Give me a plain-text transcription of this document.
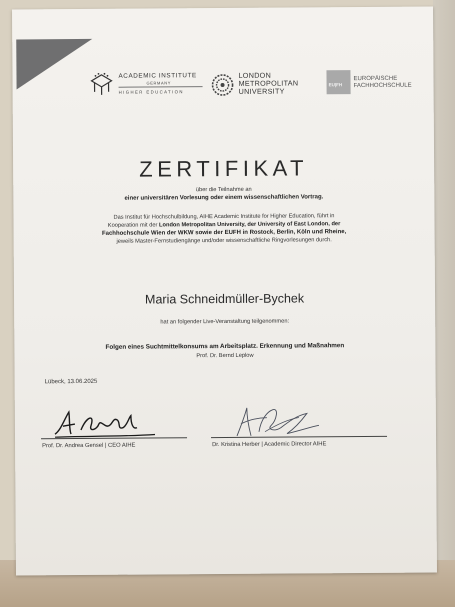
ACADEMIC INSTITUTE
GERMANY
HIGHER EDUCATION
LONDON
METROPOLITAN
UNIVERSITY
EU|FH
EUROPÄISCHE
FACHHOCHSCHULE
ZERTIFIKAT
über die Teilnahme an
einer universitären Vorlesung oder einem wissenschaftlichen Vortrag.
Das Institut für Hochschulbildung, AIHE Academic Institute for Higher Education, führt in
Kooperation mit der London Metropolitan University, der University of East London, der
Fachhochschule Wien der WKW sowie der EUFH in Rostock, Berlin, Köln und Rheine,
jeweils Master-Fernstudiengänge und/oder wissenschaftliche Ringvorlesungen durch.
Maria Schneidmüller-Bychek
hat an folgender Live-Veranstaltung teilgenommen:
Folgen eines Suchtmittelkonsums am Arbeitsplatz. Erkennung und Maßnahmen
Prof. Dr. Bernd Leplow
Lübeck, 13.06.2025
Prof. Dr. Andrea Gensel | CEO AIHE	Dr. Kristina Herber | Academic Director AIHE
